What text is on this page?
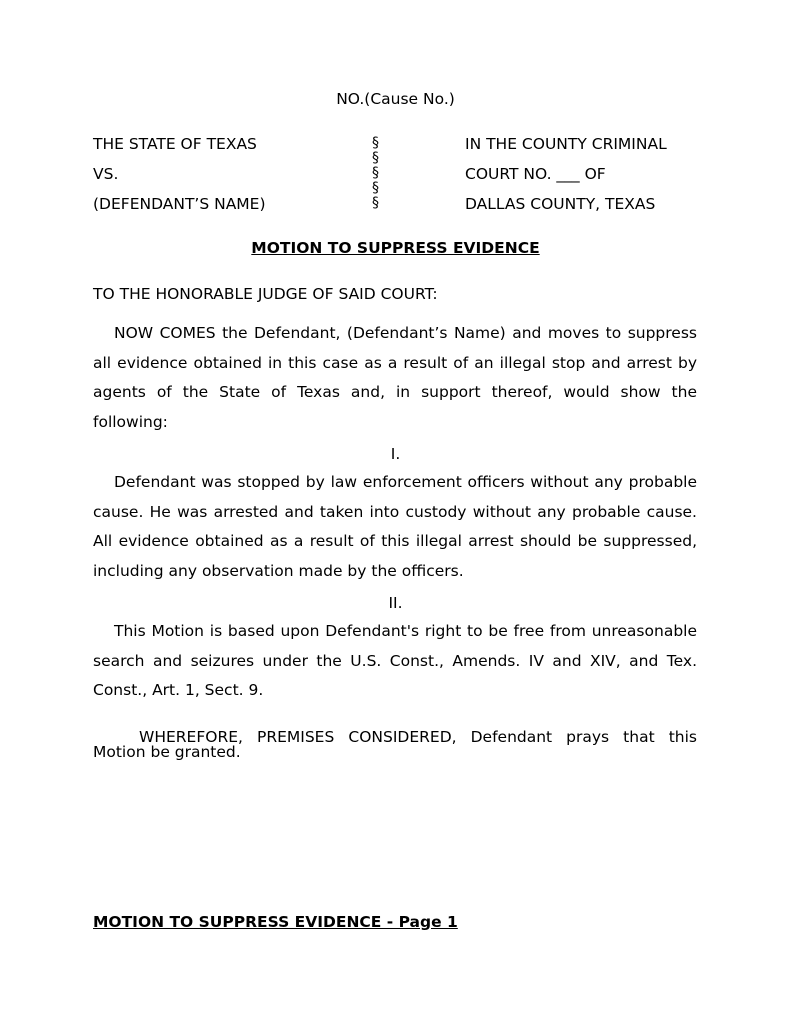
NO.(Cause No.)
THE STATE OF TEXAS
VS.
(DEFENDANT’S NAME)
§
§
§
§
§
IN THE COUNTY CRIMINAL
COURT NO. ___ OF
DALLAS COUNTY, TEXAS
MOTION TO SUPPRESS EVIDENCE
TO THE HONORABLE JUDGE OF SAID COURT:

NOW COMES the Defendant, (Defendant’s Name) and moves to suppress all evidence obtained in this case as a result of an illegal stop and arrest by agents of the State of Texas and, in support thereof, would show the following:

I.

Defendant was stopped by law enforcement officers without any probable cause. He was arrested and taken into custody without any probable cause. All evidence obtained as a result of this illegal arrest should be suppressed, including any observation made by the officers.

II.

This Motion is based upon Defendant's right to be free from unreasonable search and seizures under the U.S. Const., Amends. IV and XIV, and Tex. Const., Art. 1, Sect. 9.

WHEREFORE, PREMISES CONSIDERED, Defendant prays that this Motion be granted.

MOTION TO SUPPRESS EVIDENCE - Page 1
